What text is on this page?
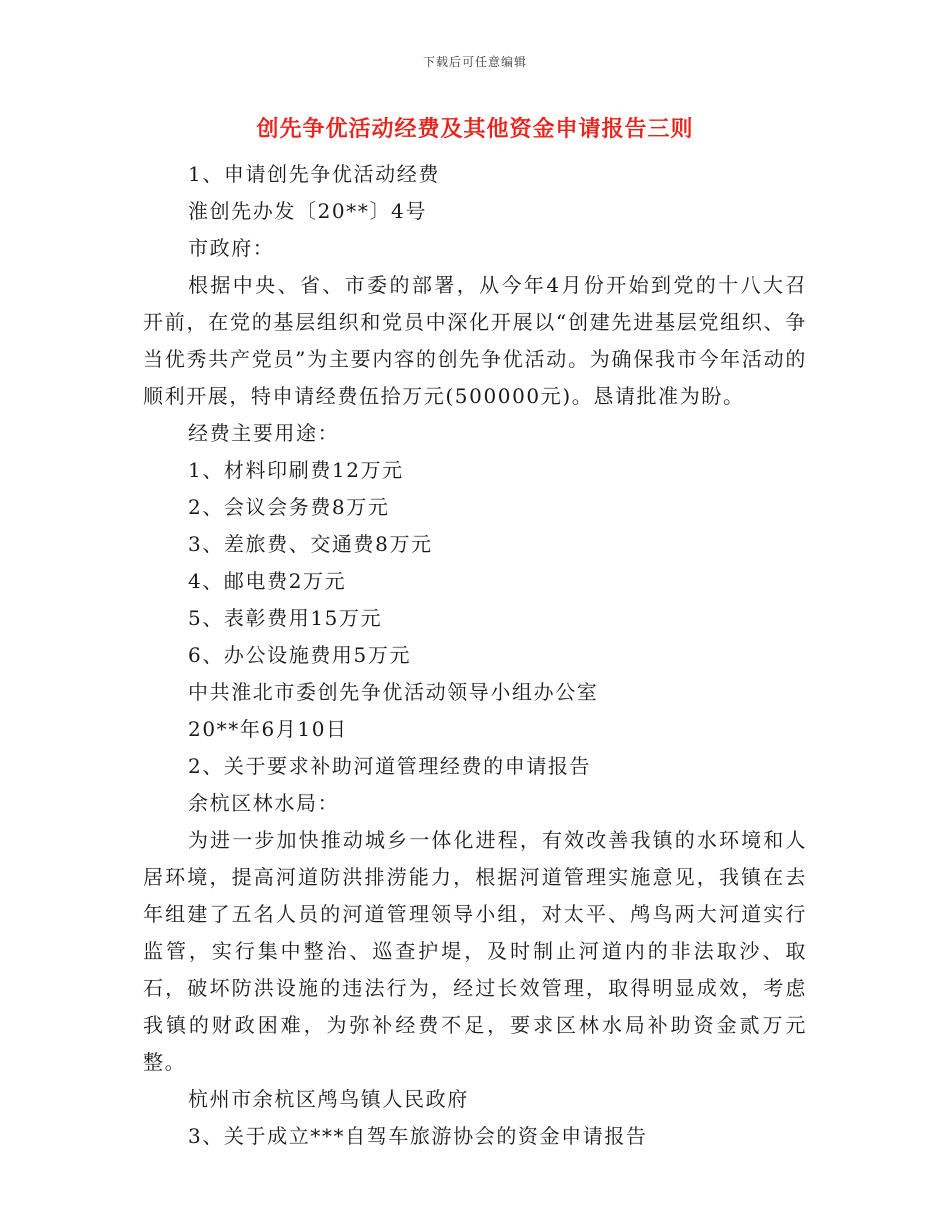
下载后可任意编辑
创先争优活动经费及其他资金申请报告三则

1、申请创先争优活动经费

淮创先办发〔20**〕4号

市政府：

根据中央、省、市委的部署，从今年4月份开始到党的十八大召开前，在党的基层组织和党员中深化开展以“创建先进基层党组织、争当优秀共产党员”为主要内容的创先争优活动。为确保我市今年活动的顺利开展，特申请经费伍拾万元(500000元)。恳请批准为盼。

经费主要用途：

1、材料印刷费12万元

2、会议会务费8万元

3、差旅费、交通费8万元

4、邮电费2万元

5、表彰费用15万元

6、办公设施费用5万元

中共淮北市委创先争优活动领导小组办公室

20**年6月10日

2、关于要求补助河道管理经费的申请报告

余杭区林水局：

为进一步加快推动城乡一体化进程，有效改善我镇的水环境和人居环境，提高河道防洪排涝能力，根据河道管理实施意见，我镇在去年组建了五名人员的河道管理领导小组，对太平、鸬鸟两大河道实行监管，实行集中整治、巡查护堤，及时制止河道内的非法取沙、取石，破坏防洪设施的违法行为，经过长效管理，取得明显成效，考虑我镇的财政困难，为弥补经费不足，要求区林水局补助资金贰万元整。

杭州市余杭区鸬鸟镇人民政府

3、关于成立***自驾车旅游协会的资金申请报告
